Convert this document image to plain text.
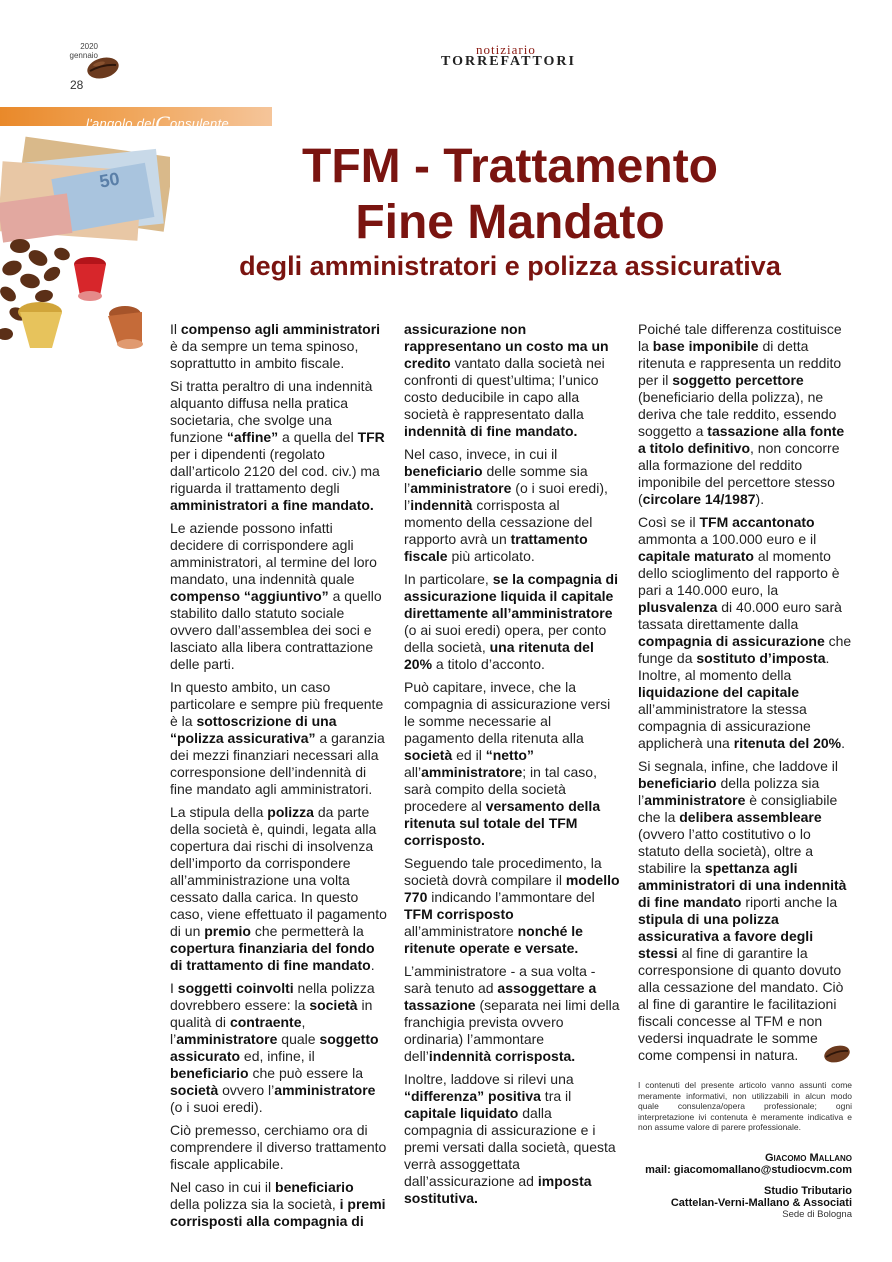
2020
gennaio
28
notiziario
TORREFATTORI
l'angolo delConsulente
50	TFM - Trattamento
Fine Mandato
degli amministratori e polizza assicurativa

Il compenso agli amministratori è da sempre un tema spinoso, soprattutto in ambito fiscale.

Si tratta peraltro di una indennità alquanto diffusa nella pratica societaria, che svolge una funzione “affine” a quella del TFR per i dipendenti (regolato dall’articolo 2120 del cod. civ.) ma riguarda il trattamento degli amministratori a fine mandato.

Le aziende possono infatti decidere di corrispondere agli amministratori, al termine del loro mandato, una indennità quale compenso “aggiuntivo” a quello stabilito dallo statuto sociale ovvero dall’assemblea dei soci e lasciato alla libera contrattazione delle parti.

In questo ambito, un caso particolare e sempre più frequente è la sottoscrizione di una “polizza assicurativa” a garanzia dei mezzi finanziari necessari alla corresponsione dell’indennità di fine mandato agli amministratori.

La stipula della polizza da parte della società è, quindi, legata alla copertura dai rischi di insolvenza dell’importo da corrispondere all’amministrazione una volta cessato dalla carica. In questo caso, viene effettuato il pagamento di un premio che permetterà la copertura finanziaria del fondo di trattamento di fine mandato.

I soggetti coinvolti nella polizza dovrebbero essere: la società in qualità di contraente, l’amministratore quale soggetto assicurato ed, infine, il beneficiario che può essere la società ovvero l’amministratore (o i suoi eredi).

Ciò premesso, cerchiamo ora di comprendere il diverso trattamento fiscale applicabile.

Nel caso in cui il beneficiario della polizza sia la società, i premi corrisposti alla compagnia di

assicurazione non rappresentano un costo ma un credito vantato dalla società nei confronti di quest’ultima; l’unico costo deducibile in capo alla società è rappresentato dalla indennità di fine mandato.

Nel caso, invece, in cui il beneficiario delle somme sia l’amministratore (o i suoi eredi), l’indennità corrisposta al momento della cessazione del rapporto avrà un trattamento fiscale più articolato.

In particolare, se la compagnia di assicurazione liquida il capitale direttamente all’amministratore (o ai suoi eredi) opera, per conto della società, una ritenuta del 20% a titolo d’acconto.

Può capitare, invece, che la compagnia di assicurazione versi le somme necessarie al pagamento della ritenuta alla società ed il “netto” all’amministratore; in tal caso, sarà compito della società procedere al versamento della ritenuta sul totale del TFM corrisposto.

Seguendo tale procedimento, la società dovrà compilare il modello 770 indicando l’ammontare del TFM corrisposto all’amministratore nonché le ritenute operate e versate.

L’amministratore - a sua volta - sarà tenuto ad assoggettare a tassazione (separata nei limi della franchigia prevista ovvero ordinaria) l’ammontare dell’indennità corrisposta.

Inoltre, laddove si rilevi una “differenza” positiva tra il capitale liquidato dalla compagnia di assicurazione e i premi versati dalla società, questa verrà assoggettata dall’assicurazione ad imposta sostitutiva.

Poiché tale differenza costituisce la base imponibile di detta ritenuta e rappresenta un reddito per il soggetto percettore (beneficiario della polizza), ne deriva che tale reddito, essendo soggetto a tassazione alla fonte a titolo definitivo, non concorre alla formazione del reddito imponibile del percettore stesso (circolare 14/1987).

Così se il TFM accantonato ammonta a 100.000 euro e il capitale maturato al momento dello scioglimento del rapporto è pari a 140.000 euro, la plusvalenza di 40.000 euro sarà tassata direttamente dalla compagnia di assicurazione che funge da sostituto d’imposta. Inoltre, al momento della liquidazione del capitale all’amministratore la stessa compagnia di assicurazione applicherà una ritenuta del 20%.

Si segnala, infine, che laddove il beneficiario della polizza sia l’amministratore è consigliabile che la delibera assembleare (ovvero l’atto costitutivo o lo statuto della società), oltre a stabilire la spettanza agli amministratori di una indennità di fine mandato riporti anche la stipula di una polizza assicurativa a favore degli stessi al fine di garantire la corresponsione di quanto dovuto alla cessazione del mandato. Ciò al fine di garantire le facilitazioni fiscali concesse al TFM e non vedersi inquadrate le somme come compensi in natura.

I contenuti del presente articolo vanno assunti come meramente informativi, non utilizzabili in alcun modo quale consulenza/opera professionale; ogni interpretazione ivi contenuta è meramente indicativa e non assume valore di parere professionale.
Giacomo Mallano
mail: giacomomallano@studiocvm.com
Studio Tributario
Cattelan-Verni-Mallano & Associati
Sede di Bologna
